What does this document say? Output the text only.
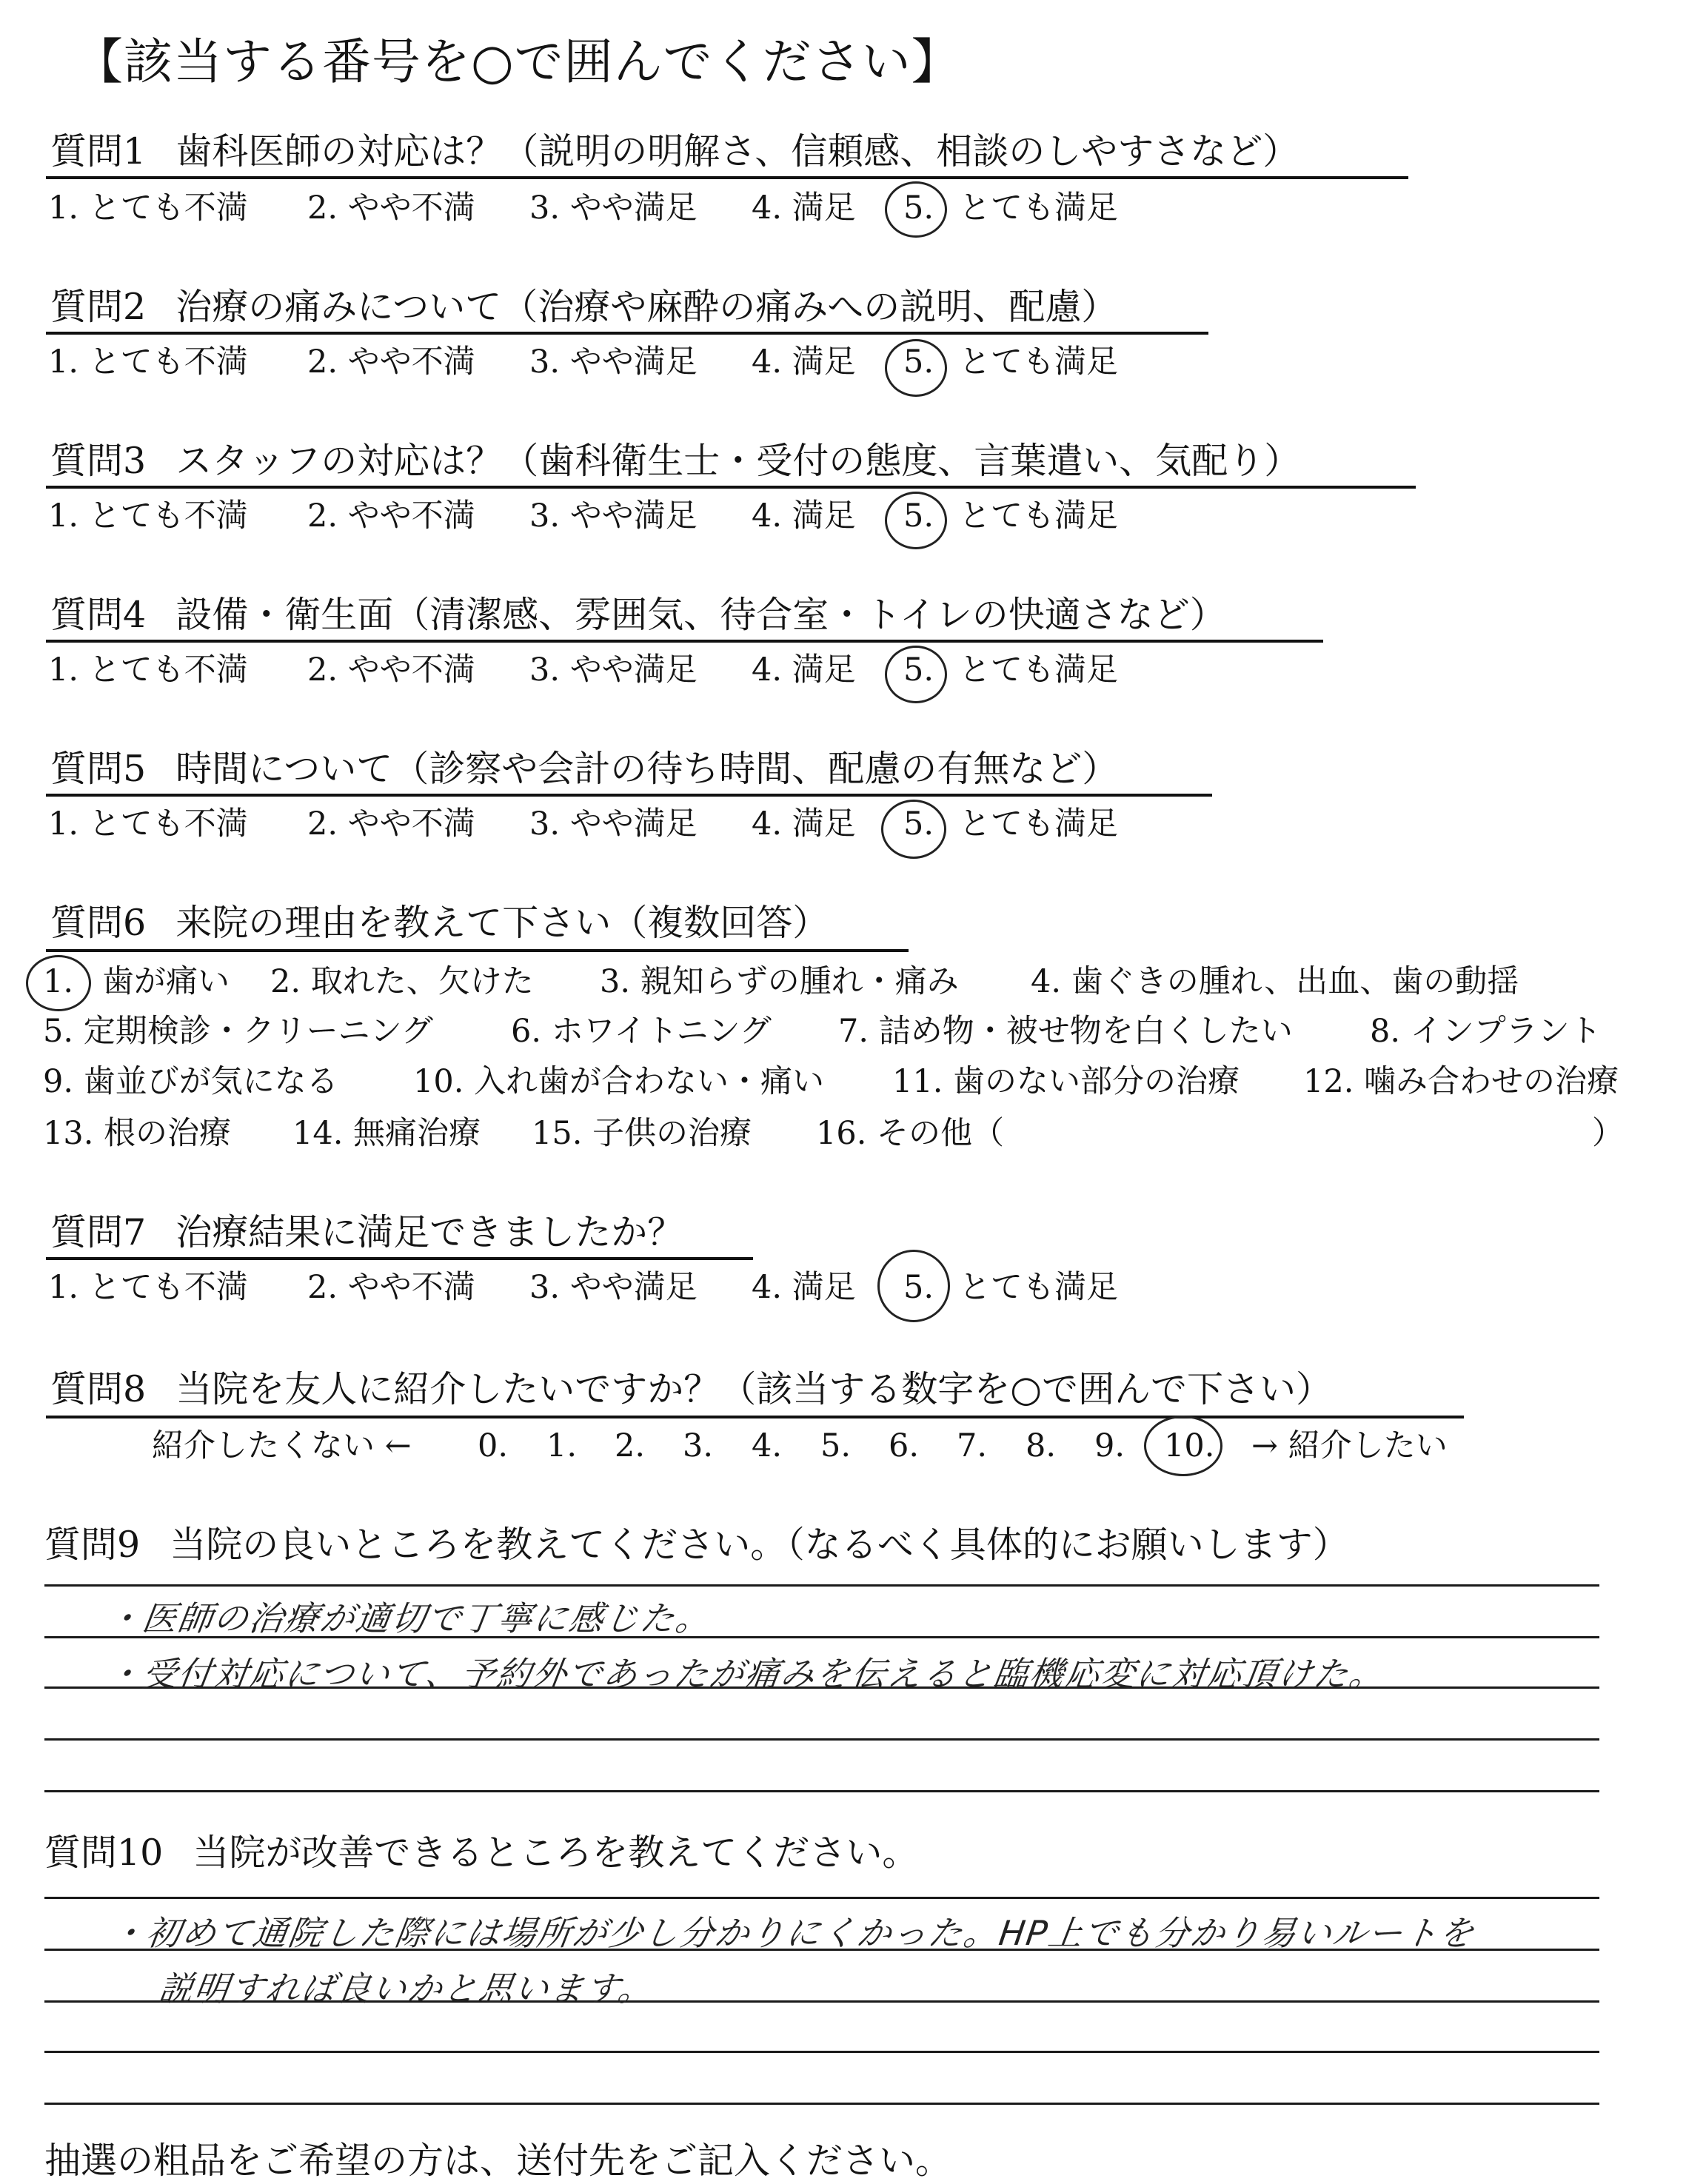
【該当する番号を○で囲んでください】
質問1 歯科医師の対応は？（説明の明解さ、信頼感、相談のしやすさなど）
1. とても不満 2. やや不満 3. やや満足 4. 満足 5. とても満足
質問2 治療の痛みについて（治療や麻酔の痛みへの説明、配慮）
1. とても不満 2. やや不満 3. やや満足 4. 満足 5. とても満足
質問3 スタッフの対応は？（歯科衛生士・受付の態度、言葉遣い、気配り）
1. とても不満 2. やや不満 3. やや満足 4. 満足 5. とても満足
質問4 設備・衛生面（清潔感、雰囲気、待合室・トイレの快適さなど）
1. とても不満 2. やや不満 3. やや満足 4. 満足 5. とても満足
質問5 時間について（診察や会計の待ち時間、配慮の有無など）
1. とても不満 2. やや不満 3. やや満足 4. 満足 5. とても満足
質問6 来院の理由を教えて下さい（複数回答）
1. 歯が痛い 2. 取れた、欠けた 3. 親知らずの腫れ・痛み 4. 歯ぐきの腫れ、出血、歯の動揺
5. 定期検診・クリーニング 6. ホワイトニング 7. 詰め物・被せ物を白くしたい 8. インプラント
9. 歯並びが気になる 10. 入れ歯が合わない・痛い 11. 歯のない部分の治療 12. 噛み合わせの治療
13. 根の治療 14. 無痛治療 15. 子供の治療 16. その他（	）
質問7 治療結果に満足できましたか？
1. とても不満 2. やや不満 3. やや満足 4. 満足 5. とても満足
質問8 当院を友人に紹介したいですか？（該当する数字を○で囲んで下さい）
紹介したくない ← 0. 1. 2. 3. 4. 5. 6. 7. 8. 9. 10. → 紹介したい
質問9 当院の良いところを教えてください。（なるべく具体的にお願いします）
・医師の治療が適切で丁寧に感じた。
・受付対応について、予約外であったが痛みを伝えると臨機応変に対応頂けた。
質問10 当院が改善できるところを教えてください。
・初めて通院した際には場所が少し分かりにくかった。HP上でも分かり易いルートを
説明すれば良いかと思います。
抽選の粗品をご希望の方は、送付先をご記入ください。
